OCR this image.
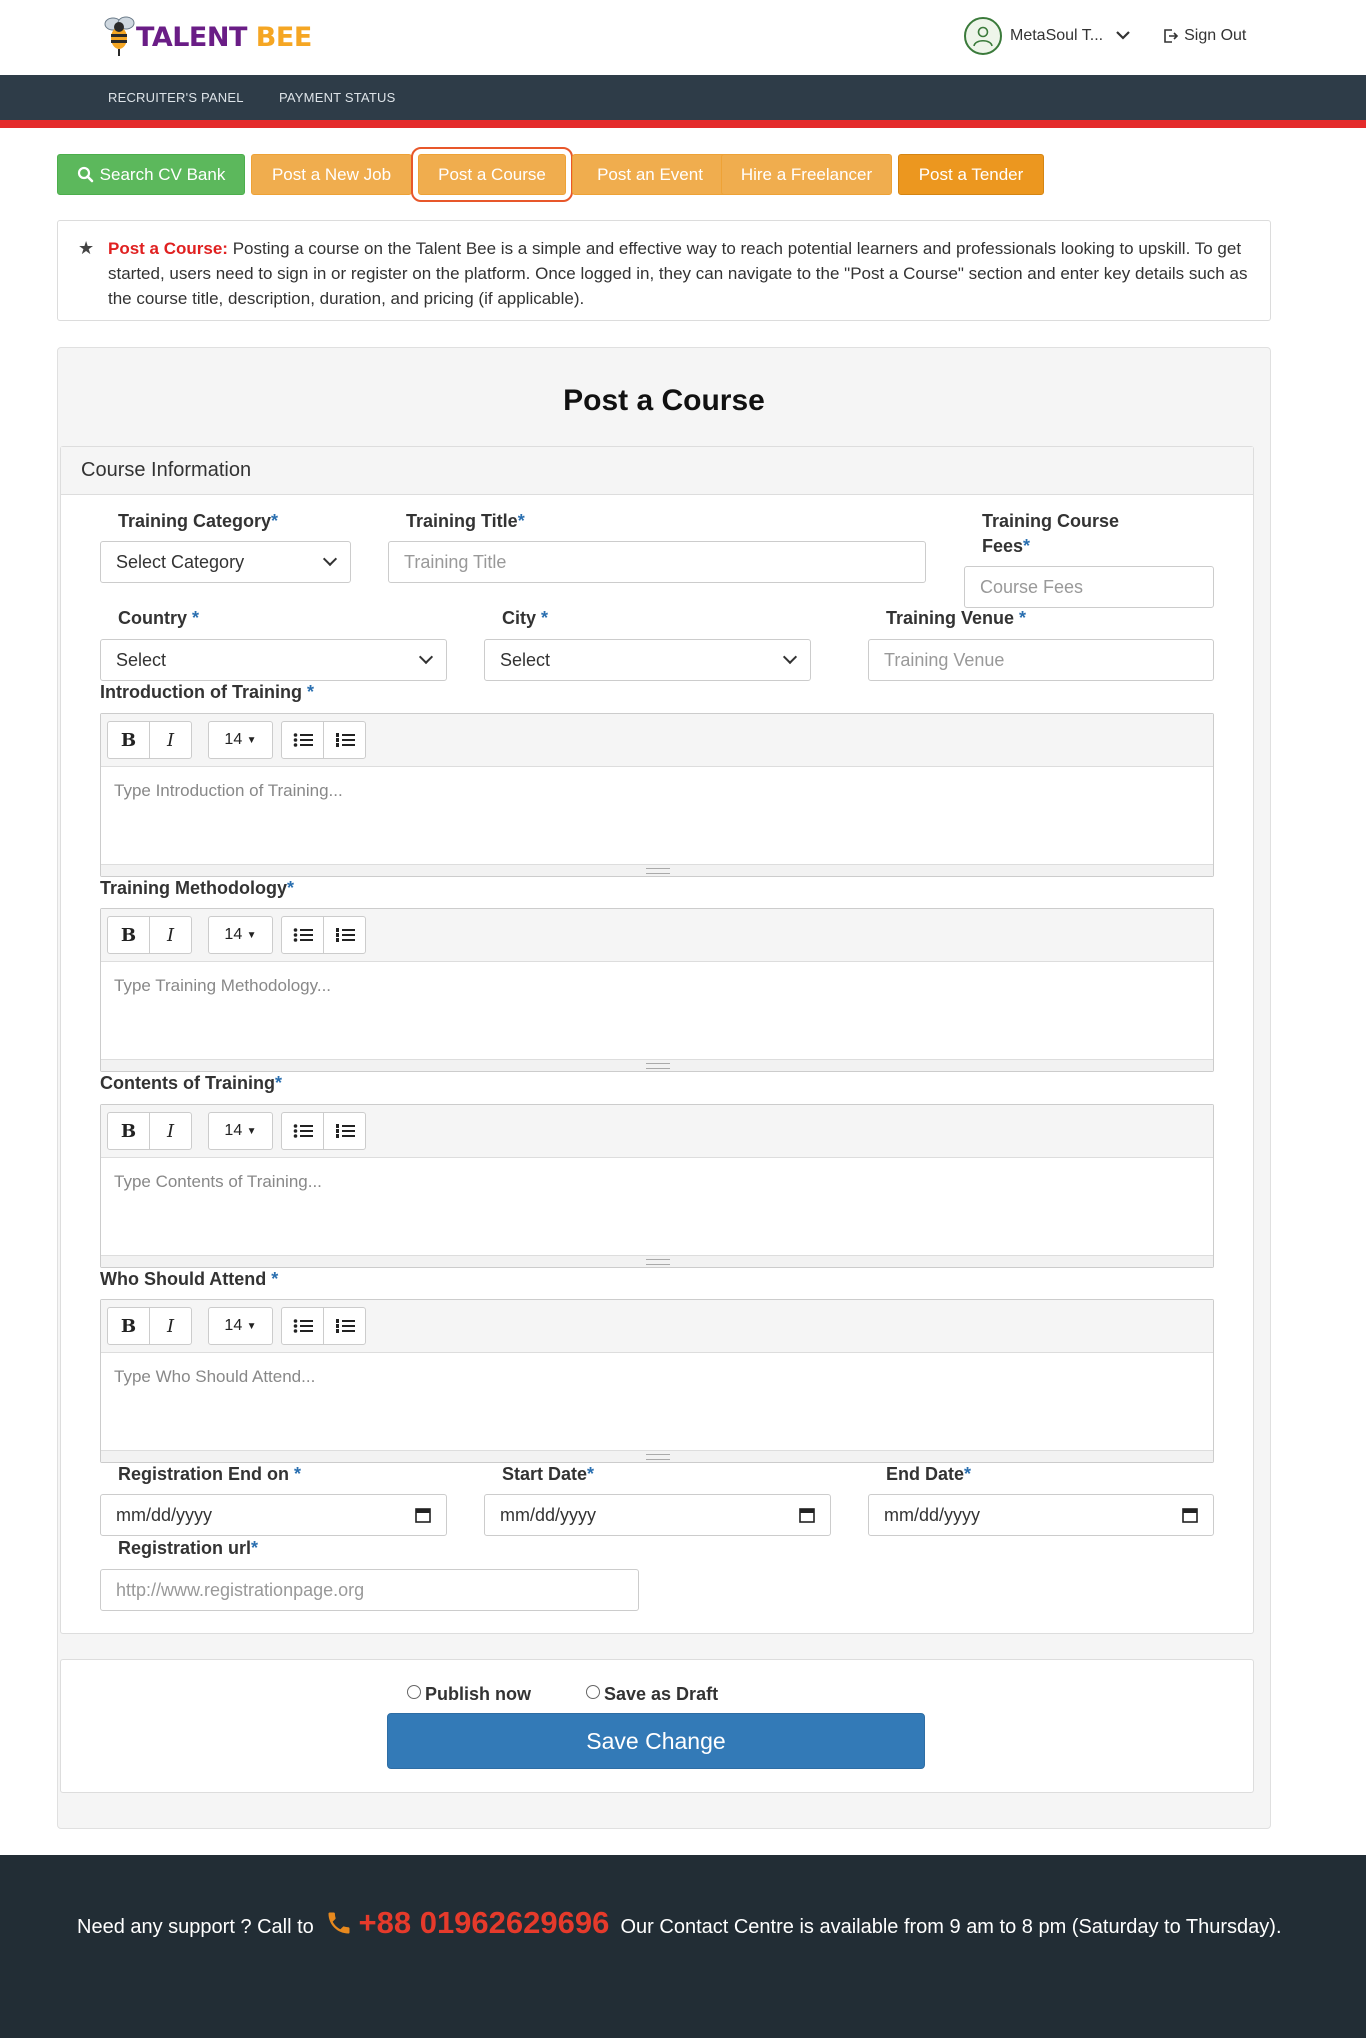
TALENT BEE	MetaSoul T...	Sign Out
RECRUITER'S PANEL	PAYMENT STATUS
Search CV Bank	Post a New Job	Post a Course	Post an Event	Hire a Freelancer	Post a Tender
★ Post a Course: Posting a course on the Talent Bee is a simple and effective way to reach potential learners and professionals looking to upskill. To get started, users need to sign in or register on the platform. Once logged in, they can navigate to the "Post a Course" section and enter key details such as the course title, description, duration, and pricing (if applicable).

Post a Course
Course Information
Training Category*
Select Category
Training Title*
Training Title
Training Course Fees*
Course Fees
Country *
Select
City *
Select
Training Venue *
Training Venue
Introduction of Training *
B	I	14
▼
Type Introduction of Training...
Training Methodology*
B	I	14
▼
Type Training Methodology...
Contents of Training*
B	I	14
▼
Type Contents of Training...
Who Should Attend *
B	I	14
▼
Type Who Should Attend...
Registration End on *
mm/dd/yyyy
Start Date*
mm/dd/yyyy
End Date*
mm/dd/yyyy
Registration url*
http://www.registrationpage.org
Publish now	Save as Draft
Save Change
Need any support ? Call to +88 01962629696 Our Contact Centre is available from 9 am to 8 pm (Saturday to Thursday).
